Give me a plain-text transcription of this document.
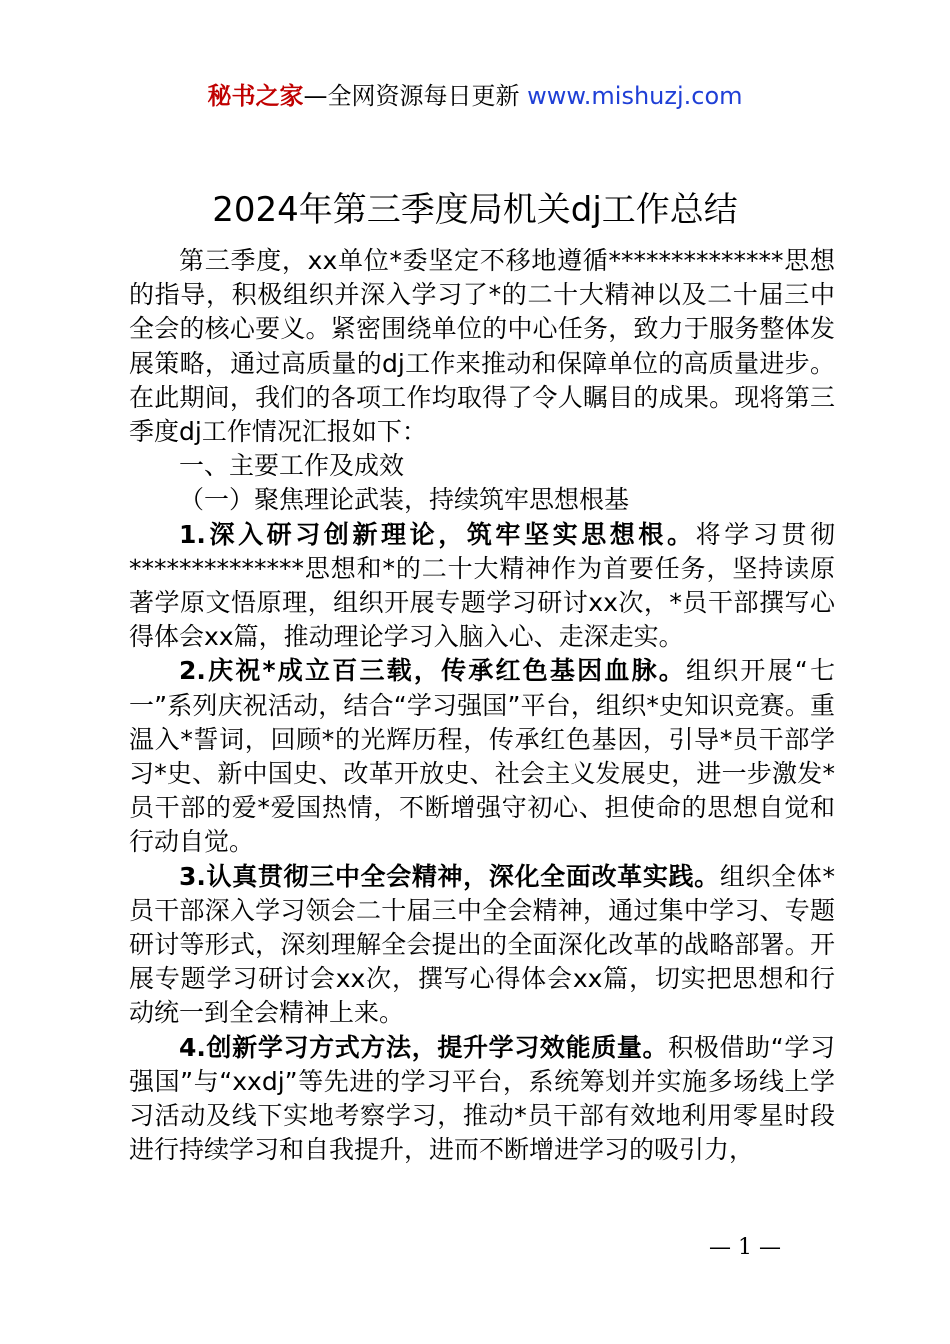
秘书之家—全网资源每日更新 www.mishuzj.com
2024年第三季度局机关dj工作总结

第三季度，xx单位*委坚定不移地遵循**************思想的指导，积极组织并深入学习了*的二十大精神以及二十届三中全会的核心要义。紧密围绕单位的中心任务，致力于服务整体发展策略，通过高质量的dj工作来推动和保障单位的高质量进步。在此期间，我们的各项工作均取得了令人瞩目的成果。现将第三季度dj工作情况汇报如下：

一、主要工作及成效

（一）聚焦理论武装，持续筑牢思想根基

1.深入研习创新理论，筑牢坚实思想根。将学习贯彻**************思想和*的二十大精神作为首要任务，坚持读原著学原文悟原理，组织开展专题学习研讨xx次，*员干部撰写心得体会xx篇，推动理论学习入脑入心、走深走实。

2.庆祝*成立百三载，传承红色基因血脉。组织开展“七一”系列庆祝活动，结合“学习强国”平台，组织*史知识竞赛。重温入*誓词，回顾*的光辉历程，传承红色基因，引导*员干部学习*史、新中国史、改革开放史、社会主义发展史，进一步激发*员干部的爱*爱国热情，不断增强守初心、担使命的思想自觉和行动自觉。

3.认真贯彻三中全会精神，深化全面改革实践。组织全体*员干部深入学习领会二十届三中全会精神，通过集中学习、专题研讨等形式，深刻理解全会提出的全面深化改革的战略部署。开展专题学习研讨会xx次，撰写心得体会xx篇，切实把思想和行动统一到全会精神上来。

4.创新学习方式方法，提升学习效能质量。积极借助“学习强国”与“xxdj”等先进的学习平台，系统筹划并实施多场线上学习活动及线下实地考察学习，推动*员干部有效地利用零星时段进行持续学习和自我提升，进而不断增进学习的吸引力，

— 1 —
